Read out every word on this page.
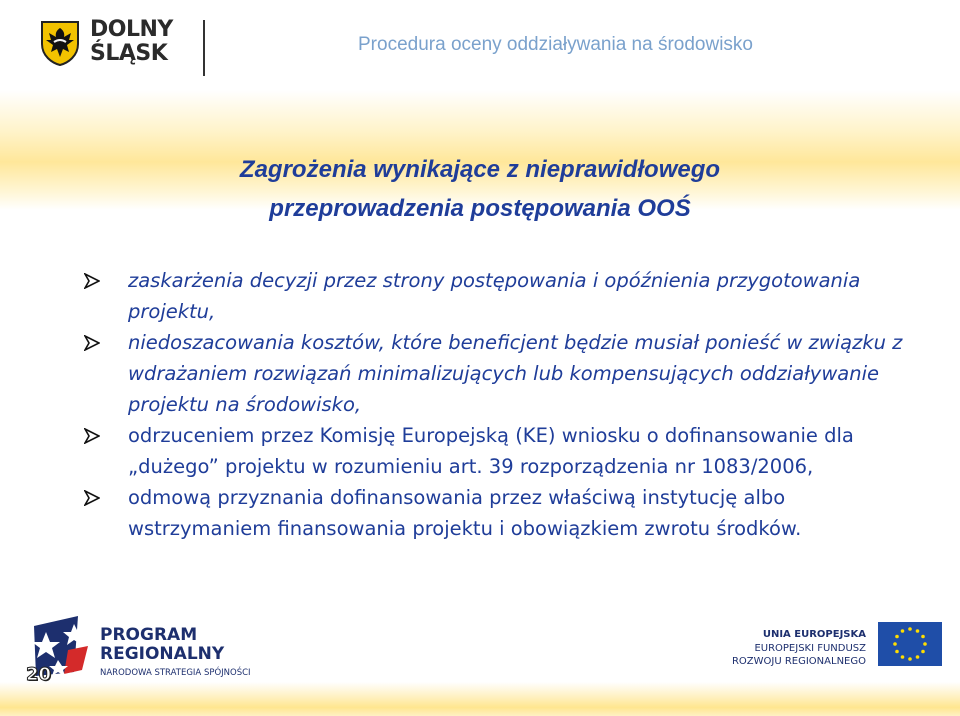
DOLNY
ŚLĄSK	Procedura oceny oddziaływania na środowisko
Zagrożenia wynikające z nieprawidłowego
przeprowadzenia postępowania OOŚ
zaskarżenia decyzji przez strony postępowania i opóźnienia przygotowania projektu,
niedoszacowania kosztów, które beneficjent będzie musiał ponieść w związku z wdrażaniem rozwiązań minimalizujących lub kompensujących oddziaływanie projektu na środowisko,
odrzuceniem przez Komisję Europejską (KE) wniosku o dofinansowanie dla „dużego” projektu w rozumieniu art. 39 rozporządzenia nr 1083/2006,
odmową przyznania dofinansowania przez właściwą instytucję albo wstrzymaniem finansowania projektu i obowiązkiem zwrotu środków.
PROGRAM
REGIONALNY
NARODOWA STRATEGIA SPÓJNOŚCI
20
UNIA EUROPEJSKA
EUROPEJSKI FUNDUSZ
ROZWOJU REGIONALNEGO
